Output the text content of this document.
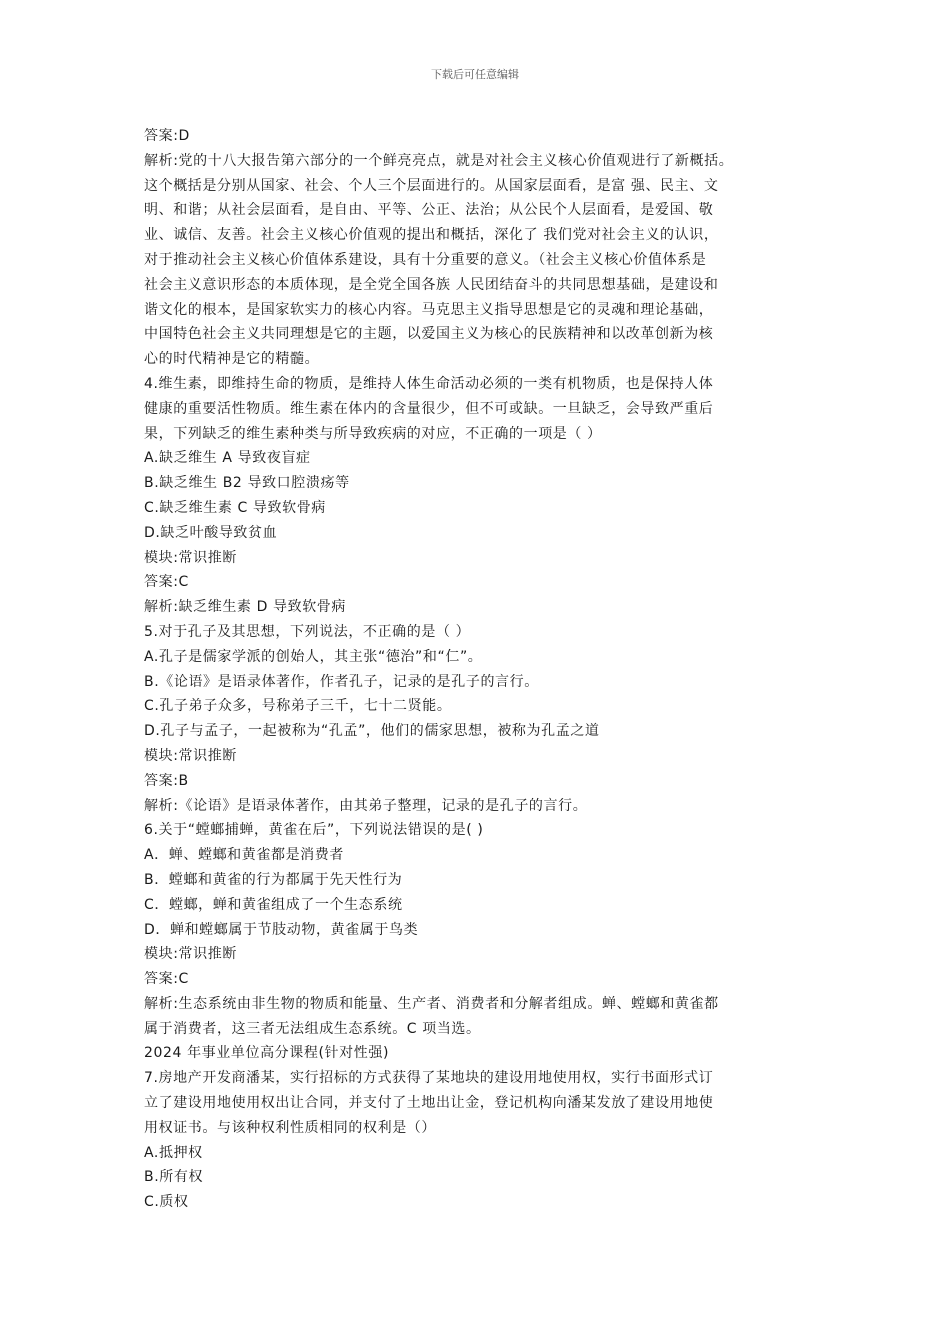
下载后可任意编辑
答案:D
解析:党的十八大报告第六部分的一个鲜亮亮点，就是对社会主义核心价值观进行了新概括。
这个概括是分别从国家、社会、个人三个层面进行的。从国家层面看，是富 强、民主、文
明、和谐；从社会层面看，是自由、平等、公正、法治；从公民个人层面看，是爱国、敬
业、诚信、友善。社会主义核心价值观的提出和概括，深化了 我们党对社会主义的认识，
对于推动社会主义核心价值体系建设，具有十分重要的意义。（社会主义核心价值体系是
社会主义意识形态的本质体现，是全党全国各族 人民团结奋斗的共同思想基础，是建设和
谐文化的根本，是国家软实力的核心内容。马克思主义指导思想是它的灵魂和理论基础，
中国特色社会主义共同理想是它的主题，以爱国主义为核心的民族精神和以改革创新为核
心的时代精神是它的精髓。
4.维生素，即维持生命的物质，是维持人体生命活动必须的一类有机物质，也是保持人体
健康的重要活性物质。维生素在体内的含量很少，但不可或缺。一旦缺乏，会导致严重后
果，下列缺乏的维生素种类与所导致疾病的对应，不正确的一项是（ ）
A.缺乏维生 A 导致夜盲症
B.缺乏维生 B2 导致口腔溃疡等
C.缺乏维生素 C 导致软骨病
D.缺乏叶酸导致贫血
模块:常识推断
答案:C
解析:缺乏维生素 D 导致软骨病
5.对于孔子及其思想，下列说法，不正确的是（ ）
A.孔子是儒家学派的创始人，其主张“德治”和“仁”。
B.《论语》是语录体著作，作者孔子，记录的是孔子的言行。
C.孔子弟子众多，号称弟子三千，七十二贤能。
D.孔子与孟子，一起被称为“孔孟”，他们的儒家思想，被称为孔孟之道
模块:常识推断
答案:B
解析:《论语》是语录体著作，由其弟子整理，记录的是孔子的言行。
6.关于“螳螂捕蝉，黄雀在后”，下列说法错误的是( )
A．蝉、螳螂和黄雀都是消费者
B．螳螂和黄雀的行为都属于先天性行为
C．螳螂，蝉和黄雀组成了一个生态系统
D．蝉和螳螂属于节肢动物，黄雀属于鸟类
模块:常识推断
答案:C
解析:生态系统由非生物的物质和能量、生产者、消费者和分解者组成。蝉、螳螂和黄雀都
属于消费者，这三者无法组成生态系统。C 项当选。
2024 年事业单位高分课程(针对性强)
7.房地产开发商潘某，实行招标的方式获得了某地块的建设用地使用权，实行书面形式订
立了建设用地使用权出让合同，并支付了土地出让金，登记机构向潘某发放了建设用地使
用权证书。与该种权利性质相同的权利是（）
A.抵押权
B.所有权
C.质权
